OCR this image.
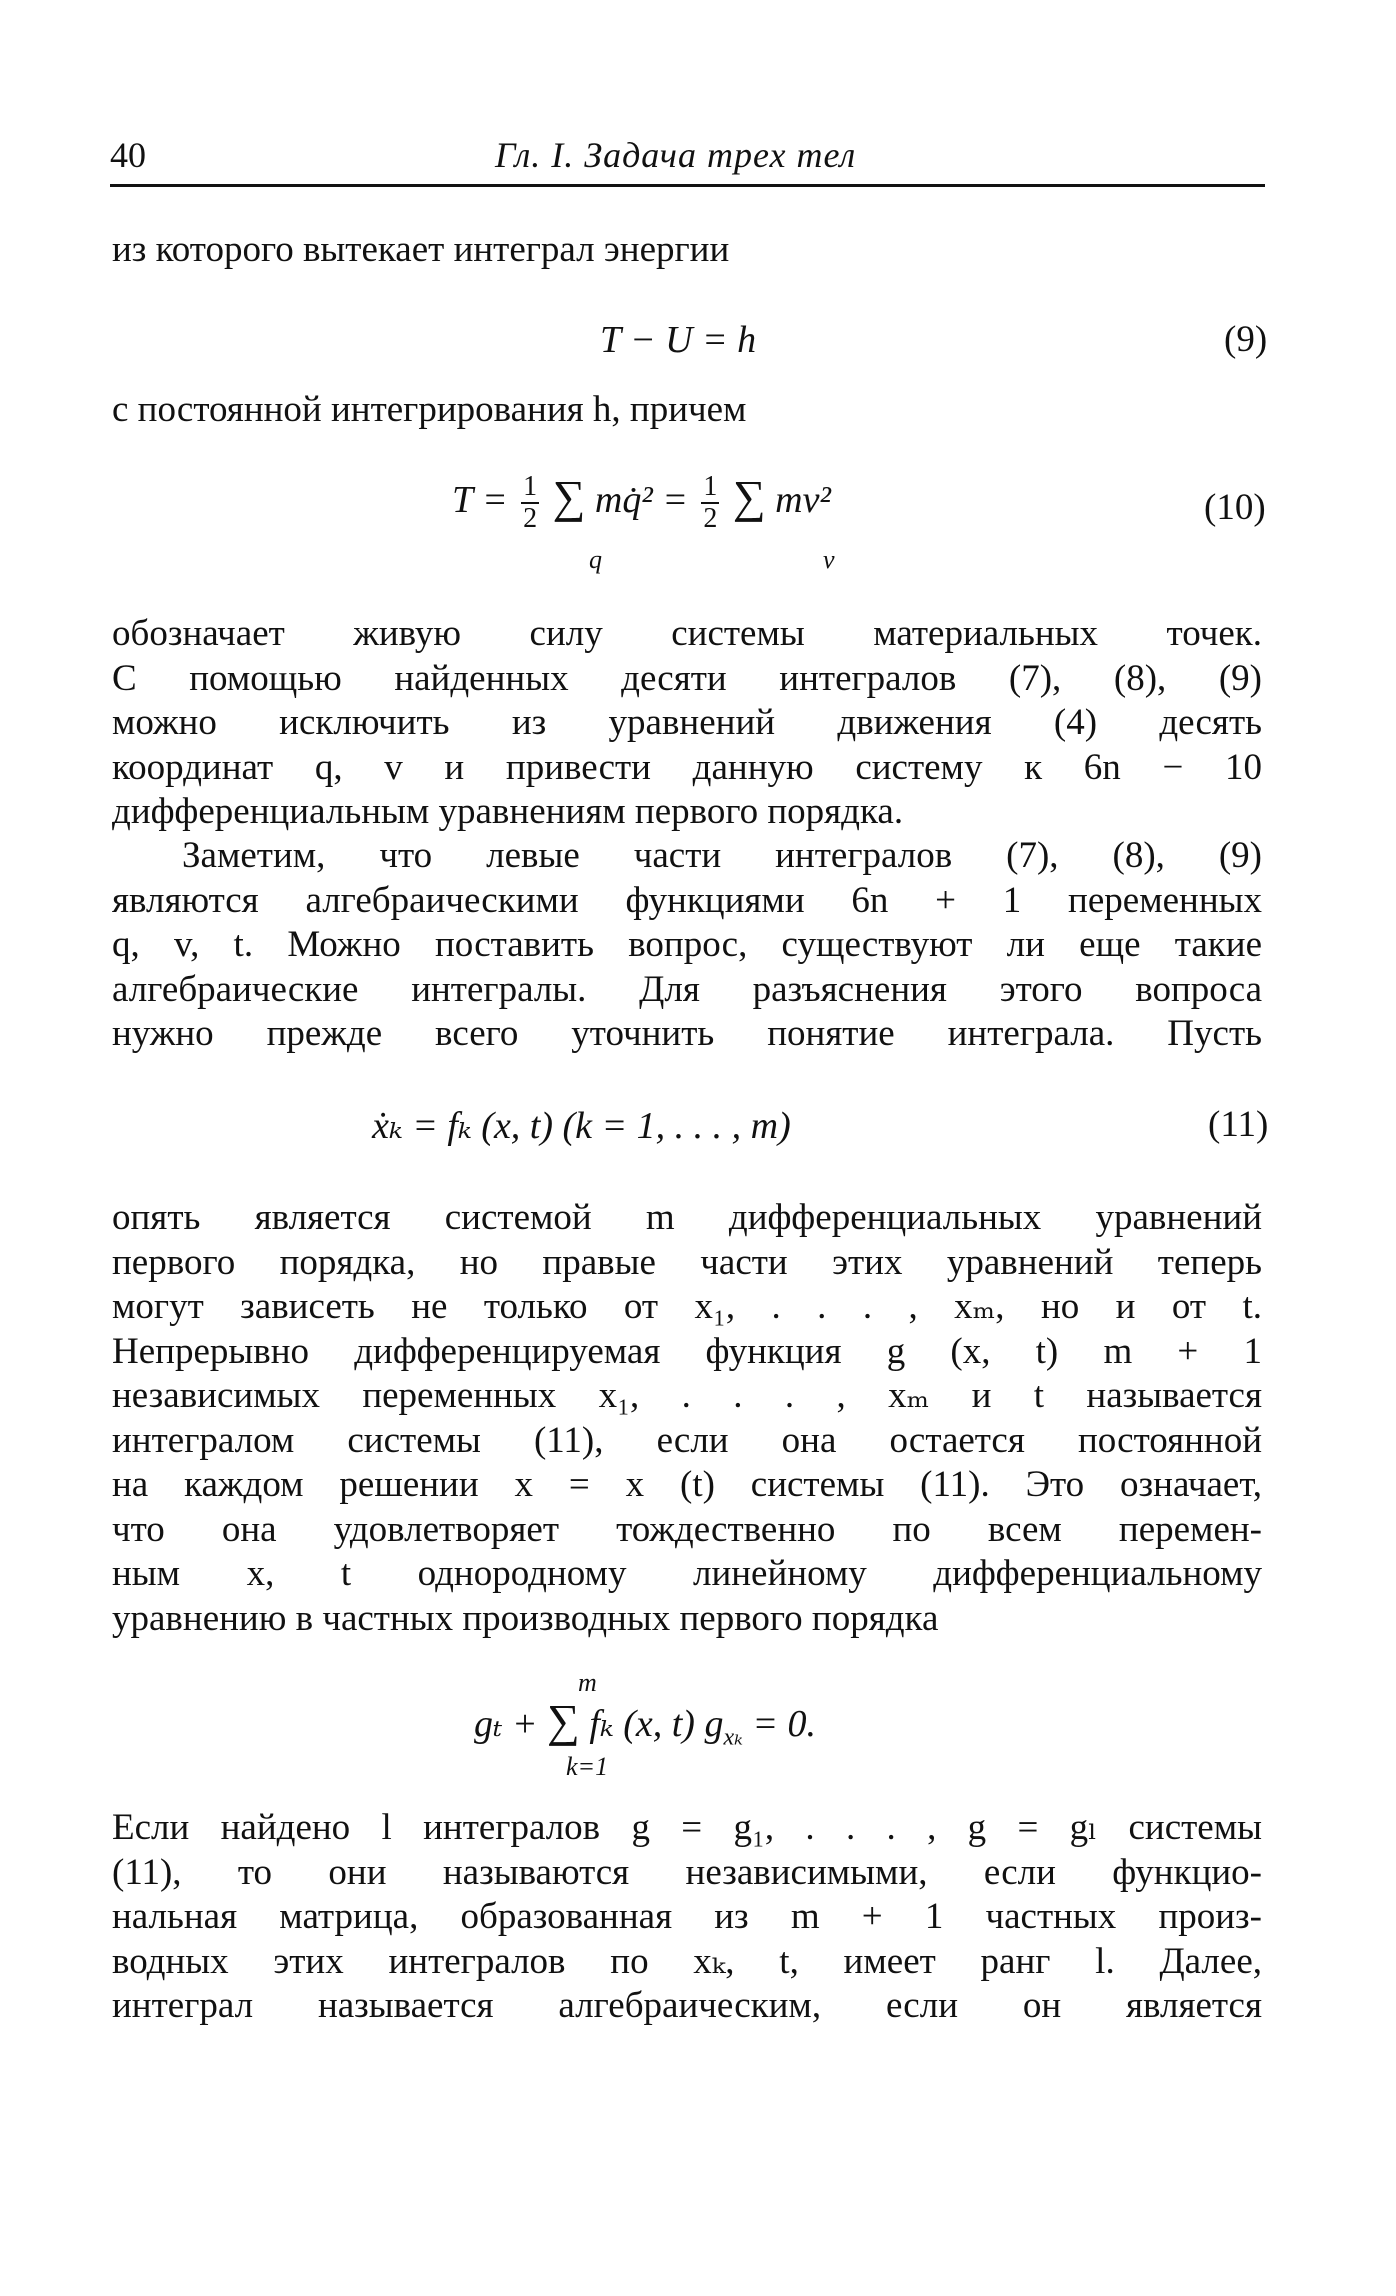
40	Гл. I. Задача трех тел
из которого вытекает интеграл энергии
T − U = h	(9)
с постоянной интегрирования h, причем
$T = \frac{1}{2}$ ∑ mq̇² = $\frac{1}{2}$ ∑ mv²
q	v
(10)
обозначает живую силу системы материальных точек.
С помощью найденных десяти интегралов (7), (8), (9)
можно исключить из уравнений движения (4) десять
координат q, v и привести данную систему к 6n − 10
дифференциальным уравнениям первого порядка.
Заметим, что левые части интегралов (7), (8), (9)
являются алгебраическими функциями 6n + 1 переменных
q, v, t. Можно поставить вопрос, существуют ли еще такие
алгебраические интегралы. Для разъяснения этого вопроса
нужно прежде всего уточнить понятие интеграла. Пусть
ẋₖ = fₖ (x, t) (k = 1, . . . , m)	(11)
опять является системой m дифференциальных уравнений
первого порядка, но правые части этих уравнений теперь
могут зависеть не только от x₁, . . . , xₘ, но и от t.
Непрерывно дифференцируемая функция g (x, t) m + 1
независимых переменных x₁, . . . , xₘ и t называется
интегралом системы (11), если она остается постоянной
на каждом решении x = x (t) системы (11). Это означает,
что она удовлетворяет тождественно по всем перемен-
ным x, t однородному линейному дифференциальному
уравнению в частных производных первого порядка
m
gₜ + ∑ fₖ (x, t) $g_{x_k} = 0$.
k=1
Если найдено l интегралов g = g₁, . . . , g = gₗ системы
(11), то они называются независимыми, если функцио-
нальная матрица, образованная из m + 1 частных произ-
водных этих интегралов по xₖ, t, имеет ранг l. Далее,
интеграл называется алгебраическим, если он является
